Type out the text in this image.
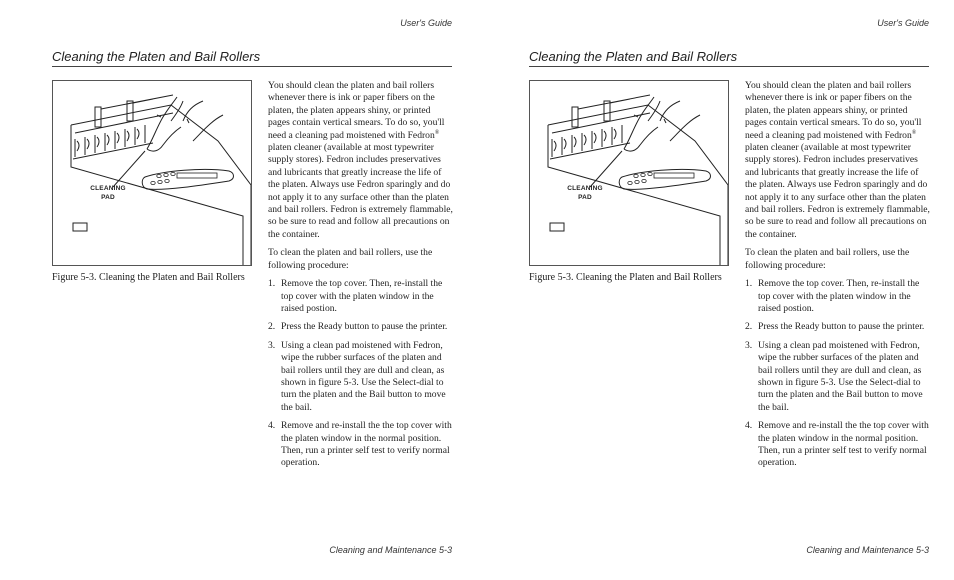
User's Guide
Cleaning the Platen and Bail Rollers
CLEANING
PAD
Figure 5-3. Cleaning the Platen and Bail Rollers

You should clean the platen and bail rollers whenever there is ink or paper fibers on the platen, the platen appears shiny, or printed pages contain vertical smears. To do so, you'll need a cleaning pad moistened with Fedron® platen cleaner (available at most typewriter supply stores). Fedron includes preservatives and lubricants that greatly increase the life of the platen. Always use Fedron sparingly and do not apply it to any surface other than the platen and bail rollers. Fedron is extremely flammable, so be sure to read and follow all precautions on the container.

To clean the platen and bail rollers, use the following procedure:

1. Remove the top cover. Then, re-install the top cover with the platen window in the raised postion.
2. Press the Ready button to pause the printer.
3. Using a clean pad moistened with Fedron, wipe the rubber surfaces of the platen and bail rollers until they are dull and clean, as shown in figure 5-3. Use the Select-dial to turn the platen and the Bail button to move the bail.
4. Remove and re-install the the top cover with the platen window in the normal position. Then, run a printer self test to verify normal operation.
Cleaning and Maintenance 5-3
User's Guide
Cleaning the Platen and Bail Rollers
CLEANING
PAD
Figure 5-3. Cleaning the Platen and Bail Rollers

You should clean the platen and bail rollers whenever there is ink or paper fibers on the platen, the platen appears shiny, or printed pages contain vertical smears. To do so, you'll need a cleaning pad moistened with Fedron® platen cleaner (available at most typewriter supply stores). Fedron includes preservatives and lubricants that greatly increase the life of the platen. Always use Fedron sparingly and do not apply it to any surface other than the platen and bail rollers. Fedron is extremely flammable, so be sure to read and follow all precautions on the container.

To clean the platen and bail rollers, use the following procedure:

1. Remove the top cover. Then, re-install the top cover with the platen window in the raised postion.
2. Press the Ready button to pause the printer.
3. Using a clean pad moistened with Fedron, wipe the rubber surfaces of the platen and bail rollers until they are dull and clean, as shown in figure 5-3. Use the Select-dial to turn the platen and the Bail button to move the bail.
4. Remove and re-install the the top cover with the platen window in the normal position. Then, run a printer self test to verify normal operation.
Cleaning and Maintenance 5-3
